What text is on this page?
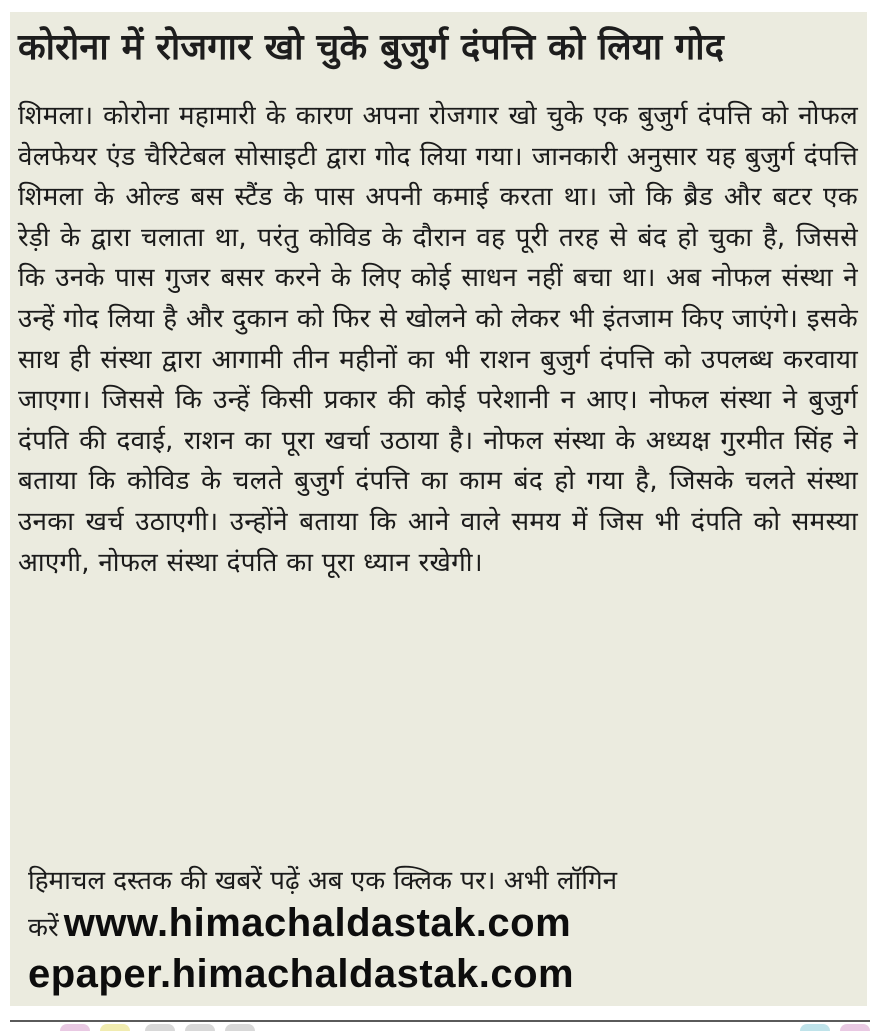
कोरोना में रोजगार खो चुके बुजुर्ग दंपत्ति को लिया गोद

शिमला। कोरोना महामारी के कारण अपना रोजगार खो चुके एक बुजुर्ग दंपत्ति को नोफल वेलफेयर एंड चैरिटेबल सोसाइटी द्वारा गोद लिया गया। जानकारी अनुसार यह बुजुर्ग दंपत्ति शिमला के ओल्ड बस स्टैंड के पास अपनी कमाई करता था। जो कि ब्रैड और बटर एक रेड़ी के द्वारा चलाता था, परंतु कोविड के दौरान वह पूरी तरह से बंद हो चुका है, जिससे कि उनके पास गुजर बसर करने के लिए कोई साधन नहीं बचा था। अब नोफल संस्था ने उन्हें गोद लिया है और दुकान को फिर से खोलने को लेकर भी इंतजाम किए जाएंगे। इसके साथ ही संस्था द्वारा आगामी तीन महीनों का भी राशन बुजुर्ग दंपत्ति को उपलब्ध करवाया जाएगा। जिससे कि उन्हें किसी प्रकार की कोई परेशानी न आए। नोफल संस्था ने बुजुर्ग दंपति की दवाई, राशन का पूरा खर्चा उठाया है। नोफल संस्था के अध्यक्ष गुरमीत सिंह ने बताया कि कोविड के चलते बुजुर्ग दंपत्ति का काम बंद हो गया है, जिसके चलते संस्था उनका खर्च उठाएगी। उन्होंने बताया कि आने वाले समय में जिस भी दंपति को समस्या आएगी, नोफल संस्था दंपति का पूरा ध्यान रखेगी।

हिमाचल दस्तक की खबरें पढ़ें अब एक क्लिक पर। अभी लॉगिन

करें www.himachaldastak.com

epaper.himachaldastak.com
